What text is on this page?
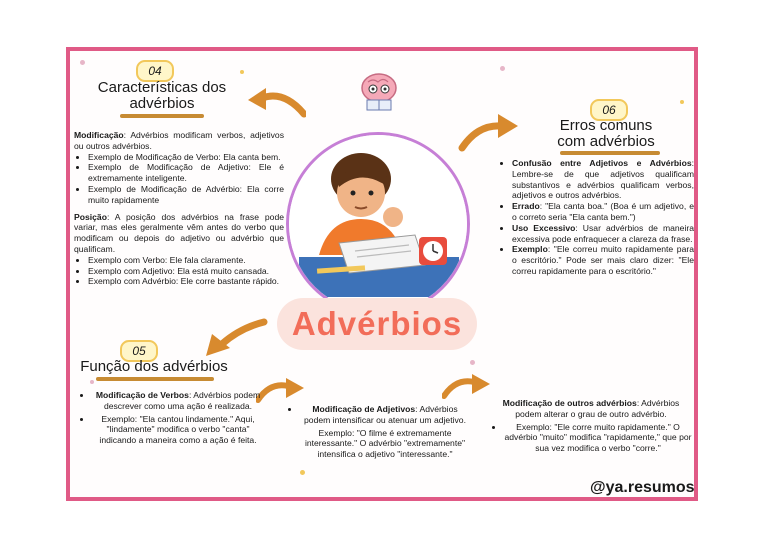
04
Características dos
advérbios
Modificação: Advérbios modificam verbos, adjetivos ou outros advérbios.
• Exemplo de Modificação de Verbo: Ela canta bem.
• Exemplo de Modificação de Adjetivo: Ele é extremamente inteligente.
• Exemplo de Modificação de Advérbio: Ela corre muito rapidamente
Posição: A posição dos advérbios na frase pode variar, mas eles geralmente vêm antes do verbo que modificam ou depois do adjetivo ou advérbio que qualificam.
• Exemplo com Verbo: Ele fala claramente.
• Exemplo com Adjetivo: Ela está muito cansada.
• Exemplo com Advérbio: Ele corre bastante rápido.
Advérbios
06
Erros comuns
com advérbios
• Confusão entre Adjetivos e Advérbios: Lembre-se de que adjetivos qualificam substantivos e advérbios qualificam verbos, adjetivos e outros advérbios.
• Errado: "Ela canta boa." (Boa é um adjetivo, e o correto seria "Ela canta bem.")
• Uso Excessivo: Usar advérbios de maneira excessiva pode enfraquecer a clareza da frase.
• Exemplo: "Ele correu muito rapidamente para o escritório." Pode ser mais claro dizer: "Ele correu rapidamente para o escritório."
05
Função dos advérbios
• Modificação de Verbos: Advérbios podem descrever como uma ação é realizada.
• Exemplo: "Ela cantou lindamente." Aqui, "lindamente" modifica o verbo "canta" indicando a maneira como a ação é feita.
• Modificação de Adjetivos: Advérbios podem intensificar ou atenuar um adjetivo.
Exemplo: "O filme é extremamente interessante." O advérbio "extremamente" intensifica o adjetivo "interessante."
Modificação de outros advérbios: Advérbios podem alterar o grau de outro advérbio.
• Exemplo: "Ele corre muito rapidamente." O advérbio "muito" modifica "rapidamente," que por sua vez modifica o verbo "corre."
@ya.resumos
